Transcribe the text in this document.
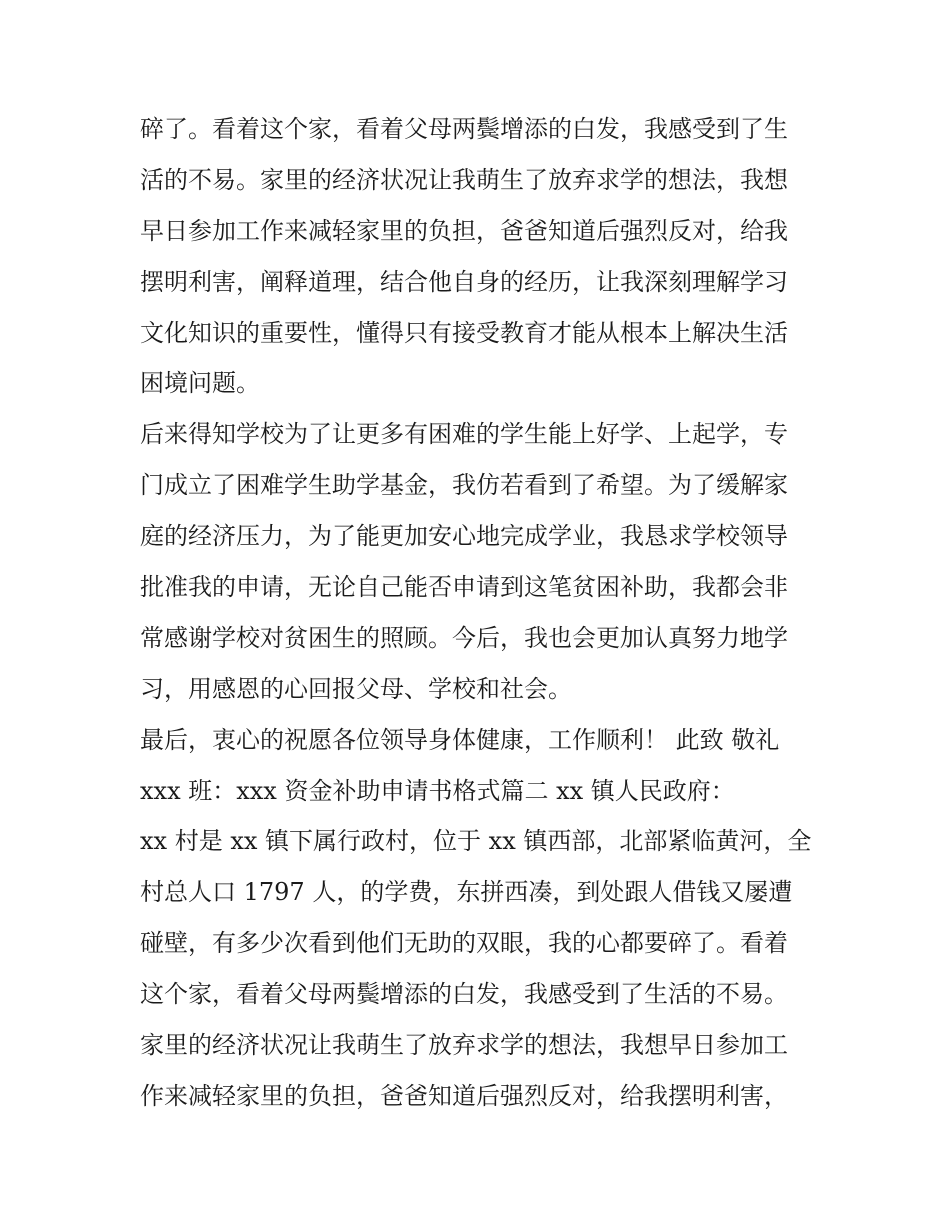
碎了。看着这个家，看着父母两鬓增添的白发，我感受到了生
活的不易。家里的经济状况让我萌生了放弃求学的想法，我想
早日参加工作来减轻家里的负担，爸爸知道后强烈反对，给我
摆明利害，阐释道理，结合他自身的经历，让我深刻理解学习
文化知识的重要性，懂得只有接受教育才能从根本上解决生活
困境问题。
后来得知学校为了让更多有困难的学生能上好学、上起学，专
门成立了困难学生助学基金，我仿若看到了希望。为了缓解家
庭的经济压力，为了能更加安心地完成学业，我恳求学校领导
批准我的申请，无论自己能否申请到这笔贫困补助，我都会非
常感谢学校对贫困生的照顾。今后，我也会更加认真努力地学
习，用感恩的心回报父母、学校和社会。
最后，衷心的祝愿各位领导身体健康，工作顺利！ 此致 敬礼
xxx 班：xxx 资金补助申请书格式篇二 xx 镇人民政府：
xx 村是 xx 镇下属行政村，位于 xx 镇西部，北部紧临黄河，全
村总人口 1797 人，的学费，东拼西凑，到处跟人借钱又屡遭
碰壁，有多少次看到他们无助的双眼，我的心都要碎了。看着
这个家，看着父母两鬓增添的白发，我感受到了生活的不易。
家里的经济状况让我萌生了放弃求学的想法，我想早日参加工
作来减轻家里的负担，爸爸知道后强烈反对，给我摆明利害，
